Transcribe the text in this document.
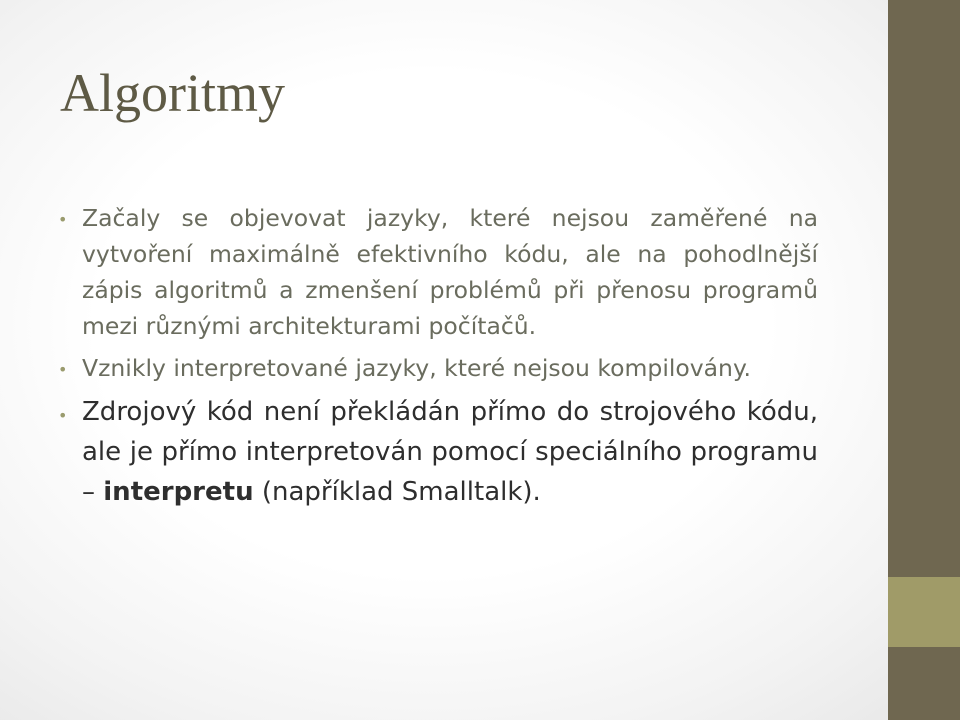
Algoritmy
• Začaly se objevovat jazyky, které nejsou zaměřené na vytvoření maximálně efektivního kódu, ale na pohodlnější zápis algoritmů a zmenšení problémů při přenosu programů mezi různými architekturami počítačů.
• Vznikly interpretované jazyky, které nejsou kompilovány.
• Zdrojový kód není překládán přímo do strojového kódu, ale je přímo interpretován pomocí speciálního programu – interpretu (například Smalltalk).
